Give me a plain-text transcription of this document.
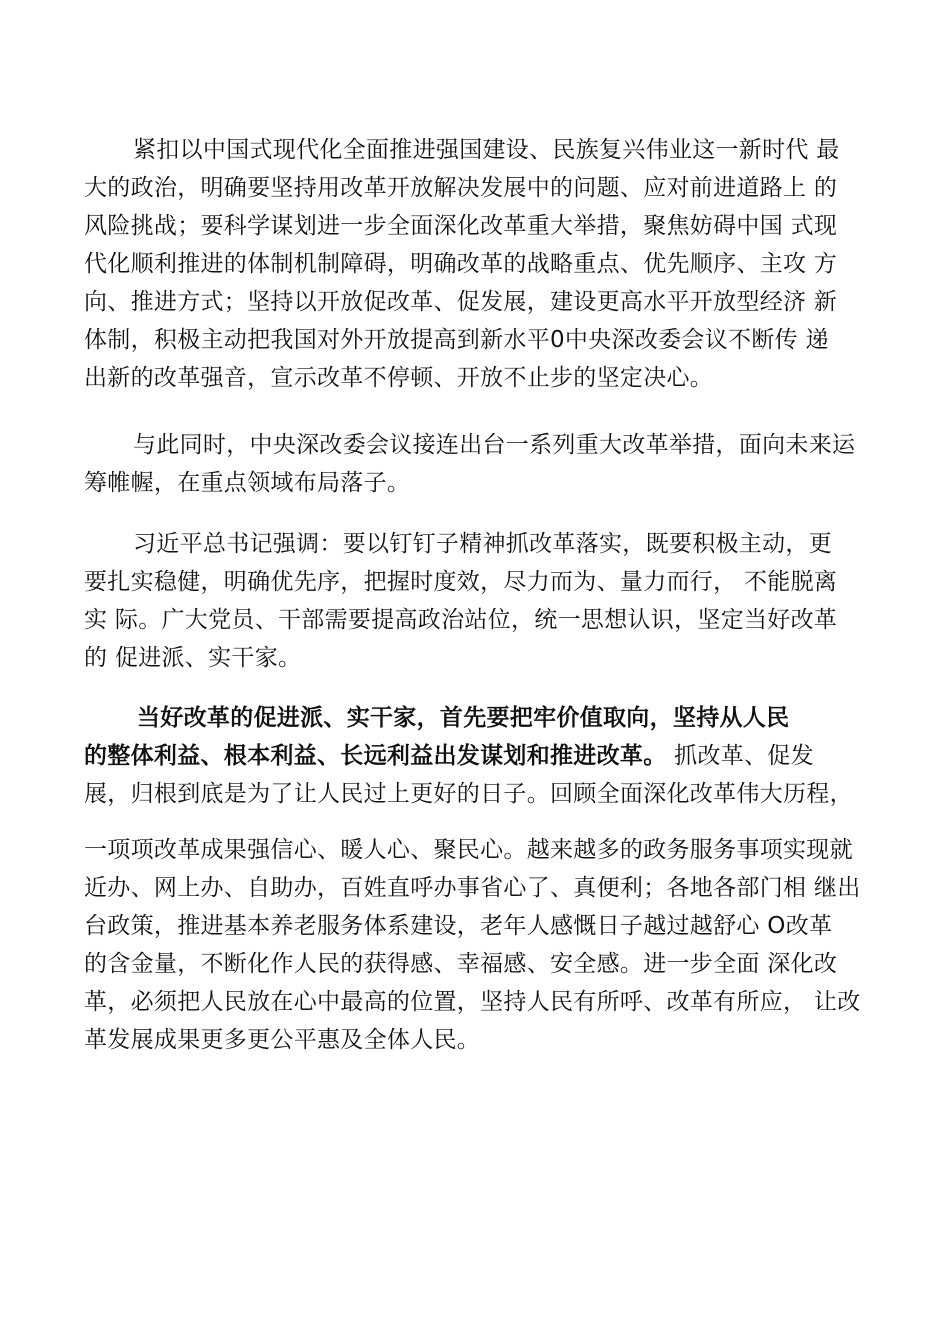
紧扣以中国式现代化全面推进强国建设、民族复兴伟业这一新时代 最
大的政治，明确要坚持用改革开放解决发展中的问题、应对前进道路上 的
风险挑战；要科学谋划进一步全面深化改革重大举措，聚焦妨碍中国 式现
代化顺利推进的体制机制障碍，明确改革的战略重点、优先顺序、主攻 方
向、推进方式；坚持以开放促改革、促发展，建设更高水平开放型经济 新
体制，积极主动把我国对外开放提高到新水平0中央深改委会议不断传 递
出新的改革强音，宣示改革不停顿、开放不止步的坚定决心。
与此同时，中央深改委会议接连出台一系列重大改革举措，面向未来运
筹帷幄，在重点领域布局落子。
习近平总书记强调：要以钉钉子精神抓改革落实，既要积极主动，更
要扎实稳健，明确优先序，把握时度效，尽力而为、量力而行， 不能脱离
实 际。广大党员、干部需要提高政治站位，统一思想认识，坚定当好改革
的 促进派、实干家。
当好改革的促进派、实干家，首先要把牢价值取向，坚持从人民
的整体利益、根本利益、长远利益出发谋划和推进改革。 抓改革、促发
展，归根到底是为了让人民过上更好的日子。回顾全面深化改革伟大历程，
一项项改革成果强信心、暖人心、聚民心。越来越多的政务服务事项实现就
近办、网上办、自助办，百姓直呼办事省心了、真便利；各地各部门相 继出
台政策，推进基本养老服务体系建设，老年人感慨日子越过越舒心 O改革
的含金量，不断化作人民的获得感、幸福感、安全感。进一步全面 深化改
革，必须把人民放在心中最高的位置，坚持人民有所呼、改革有所应， 让改
革发展成果更多更公平惠及全体人民。
